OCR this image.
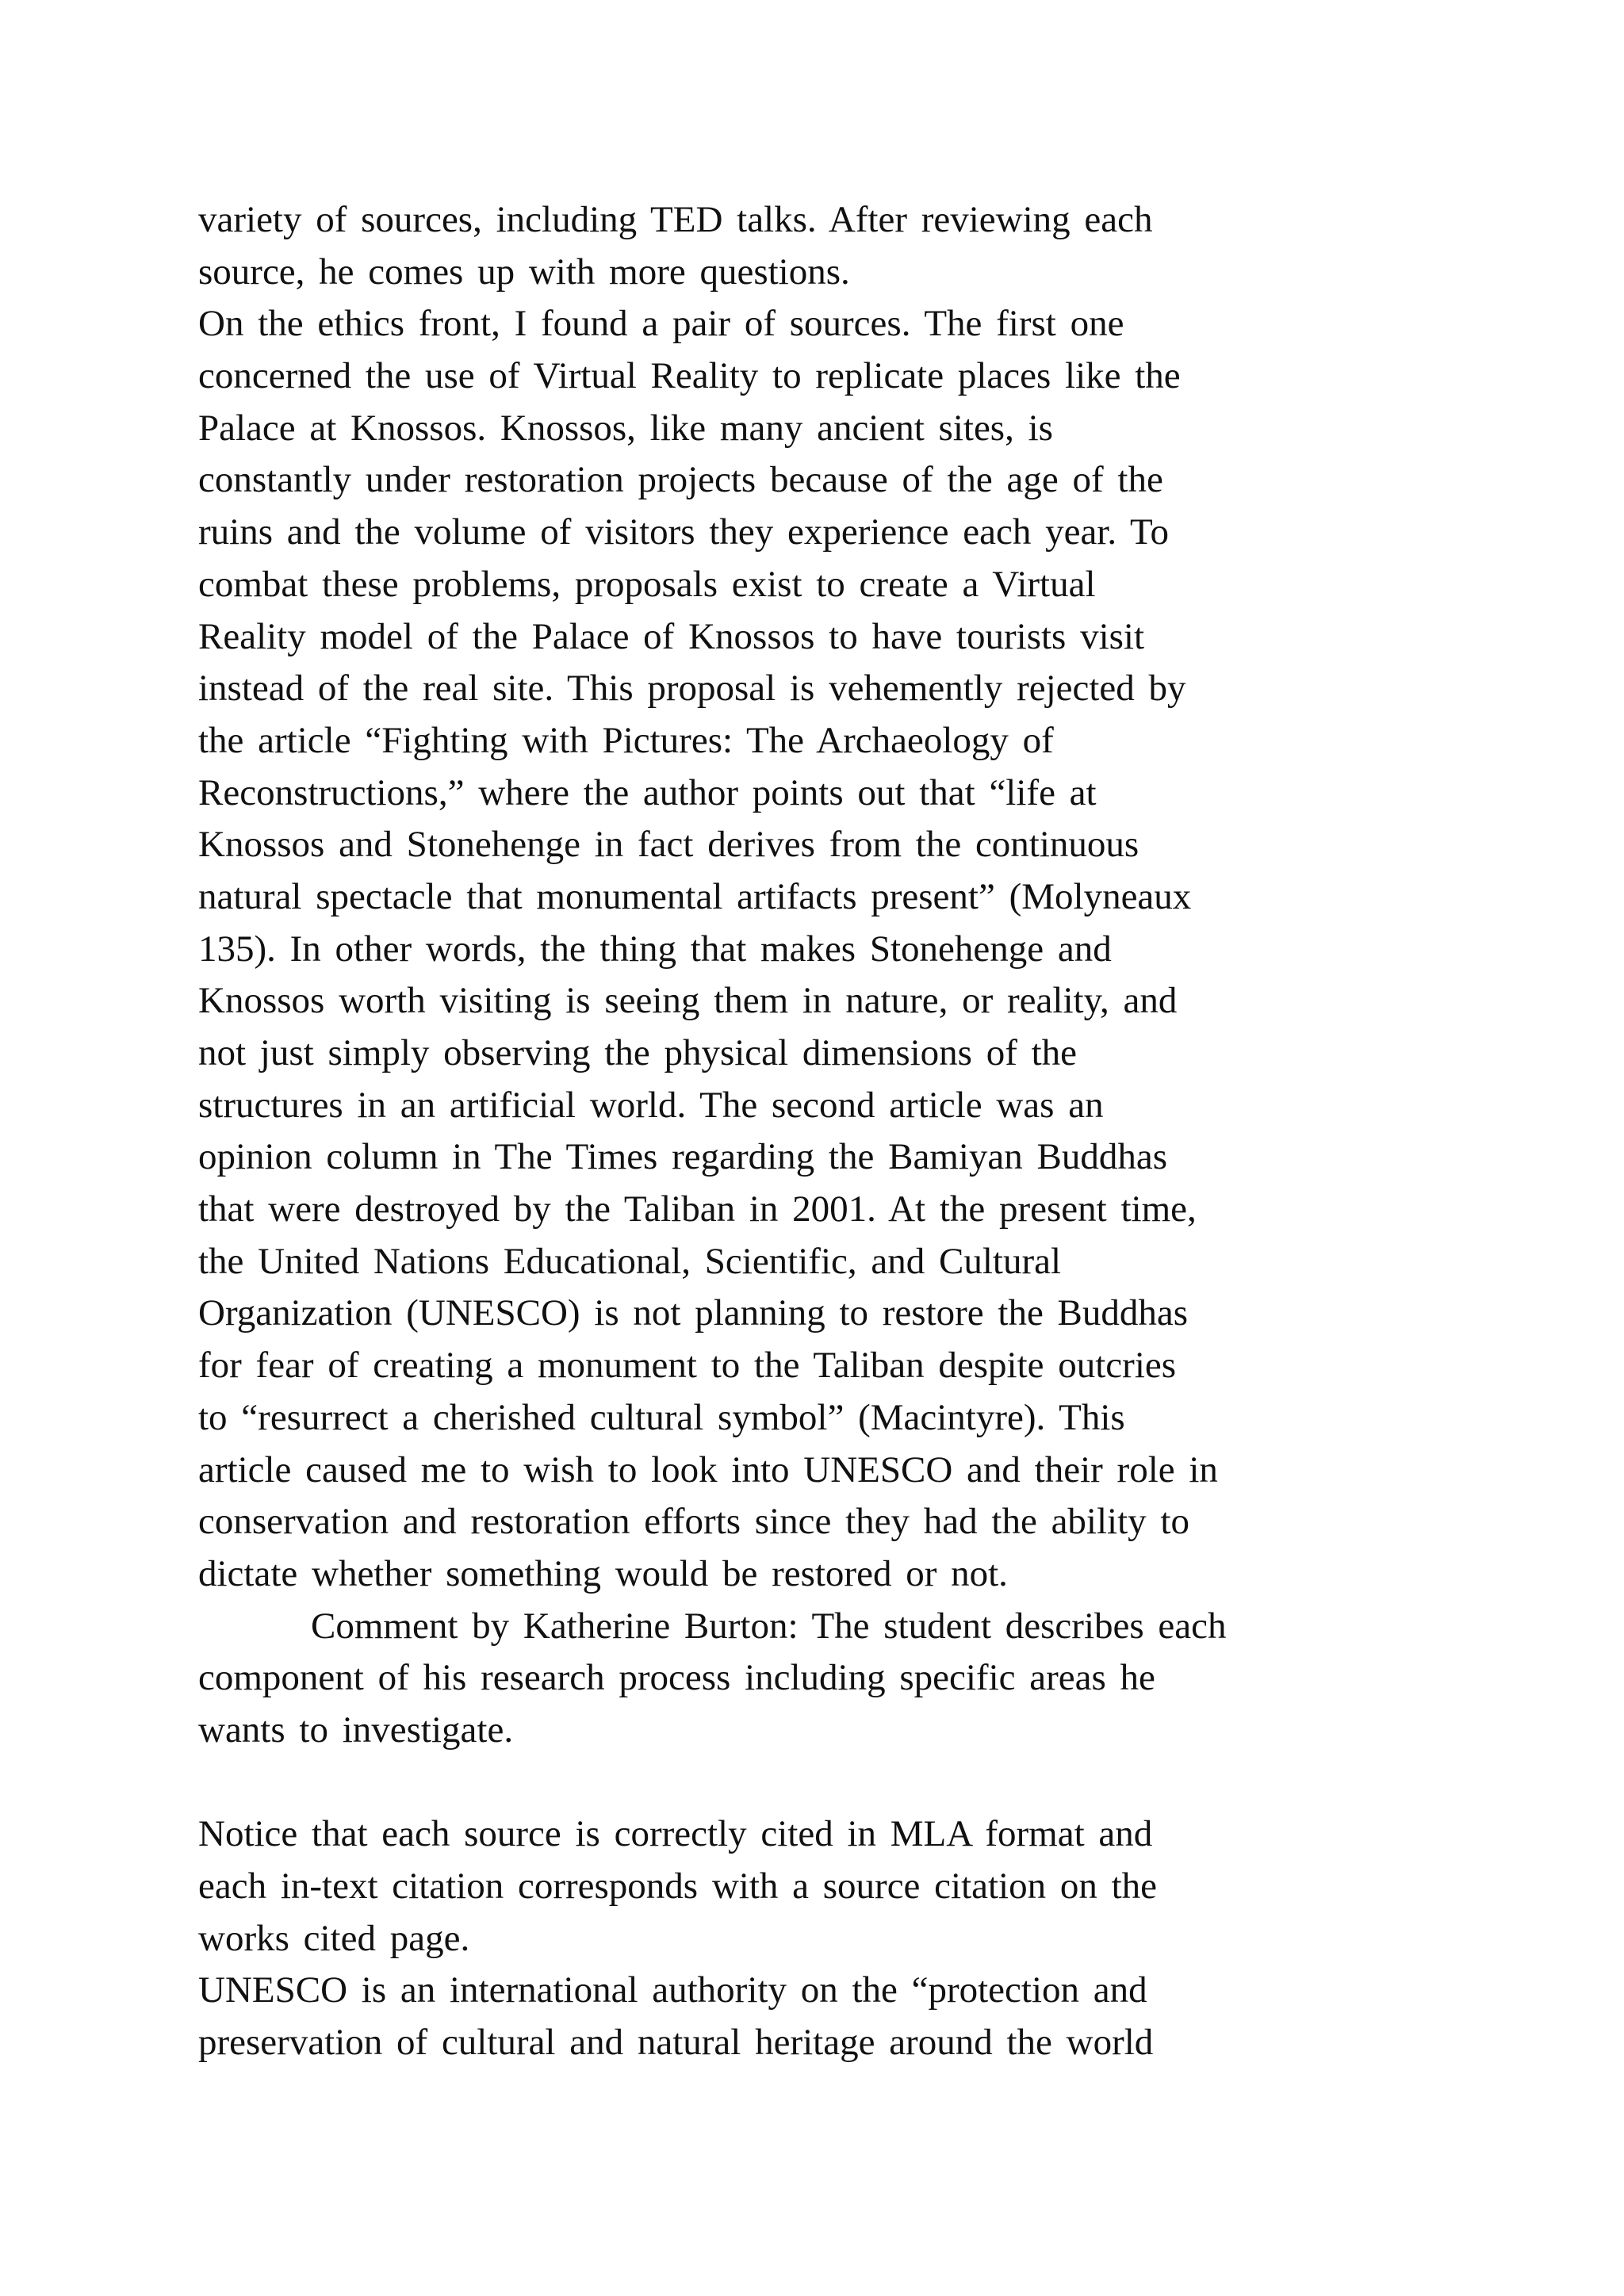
variety of sources, including TED talks. After reviewing each
source, he comes up with more questions.
On the ethics front, I found a pair of sources. The first one
concerned the use of Virtual Reality to replicate places like the
Palace at Knossos. Knossos, like many ancient sites, is
constantly under restoration projects because of the age of the
ruins and the volume of visitors they experience each year. To
combat these problems, proposals exist to create a Virtual
Reality model of the Palace of Knossos to have tourists visit
instead of the real site. This proposal is vehemently rejected by
the article “Fighting with Pictures: The Archaeology of
Reconstructions,” where the author points out that “life at
Knossos and Stonehenge in fact derives from the continuous
natural spectacle that monumental artifacts present” (Molyneaux
135). In other words, the thing that makes Stonehenge and
Knossos worth visiting is seeing them in nature, or reality, and
not just simply observing the physical dimensions of the
structures in an artificial world. The second article was an
opinion column in The Times regarding the Bamiyan Buddhas
that were destroyed by the Taliban in 2001. At the present time,
the United Nations Educational, Scientific, and Cultural
Organization (UNESCO) is not planning to restore the Buddhas
for fear of creating a monument to the Taliban despite outcries
to “resurrect a cherished cultural symbol” (Macintyre). This
article caused me to wish to look into UNESCO and their role in
conservation and restoration efforts since they had the ability to
dictate whether something would be restored or not.
Comment by Katherine Burton: The student describes each
component of his research process including specific areas he
wants to investigate.
Notice that each source is correctly cited in MLA format and
each in-text citation corresponds with a source citation on the
works cited page.
UNESCO is an international authority on the “protection and
preservation of cultural and natural heritage around the world
